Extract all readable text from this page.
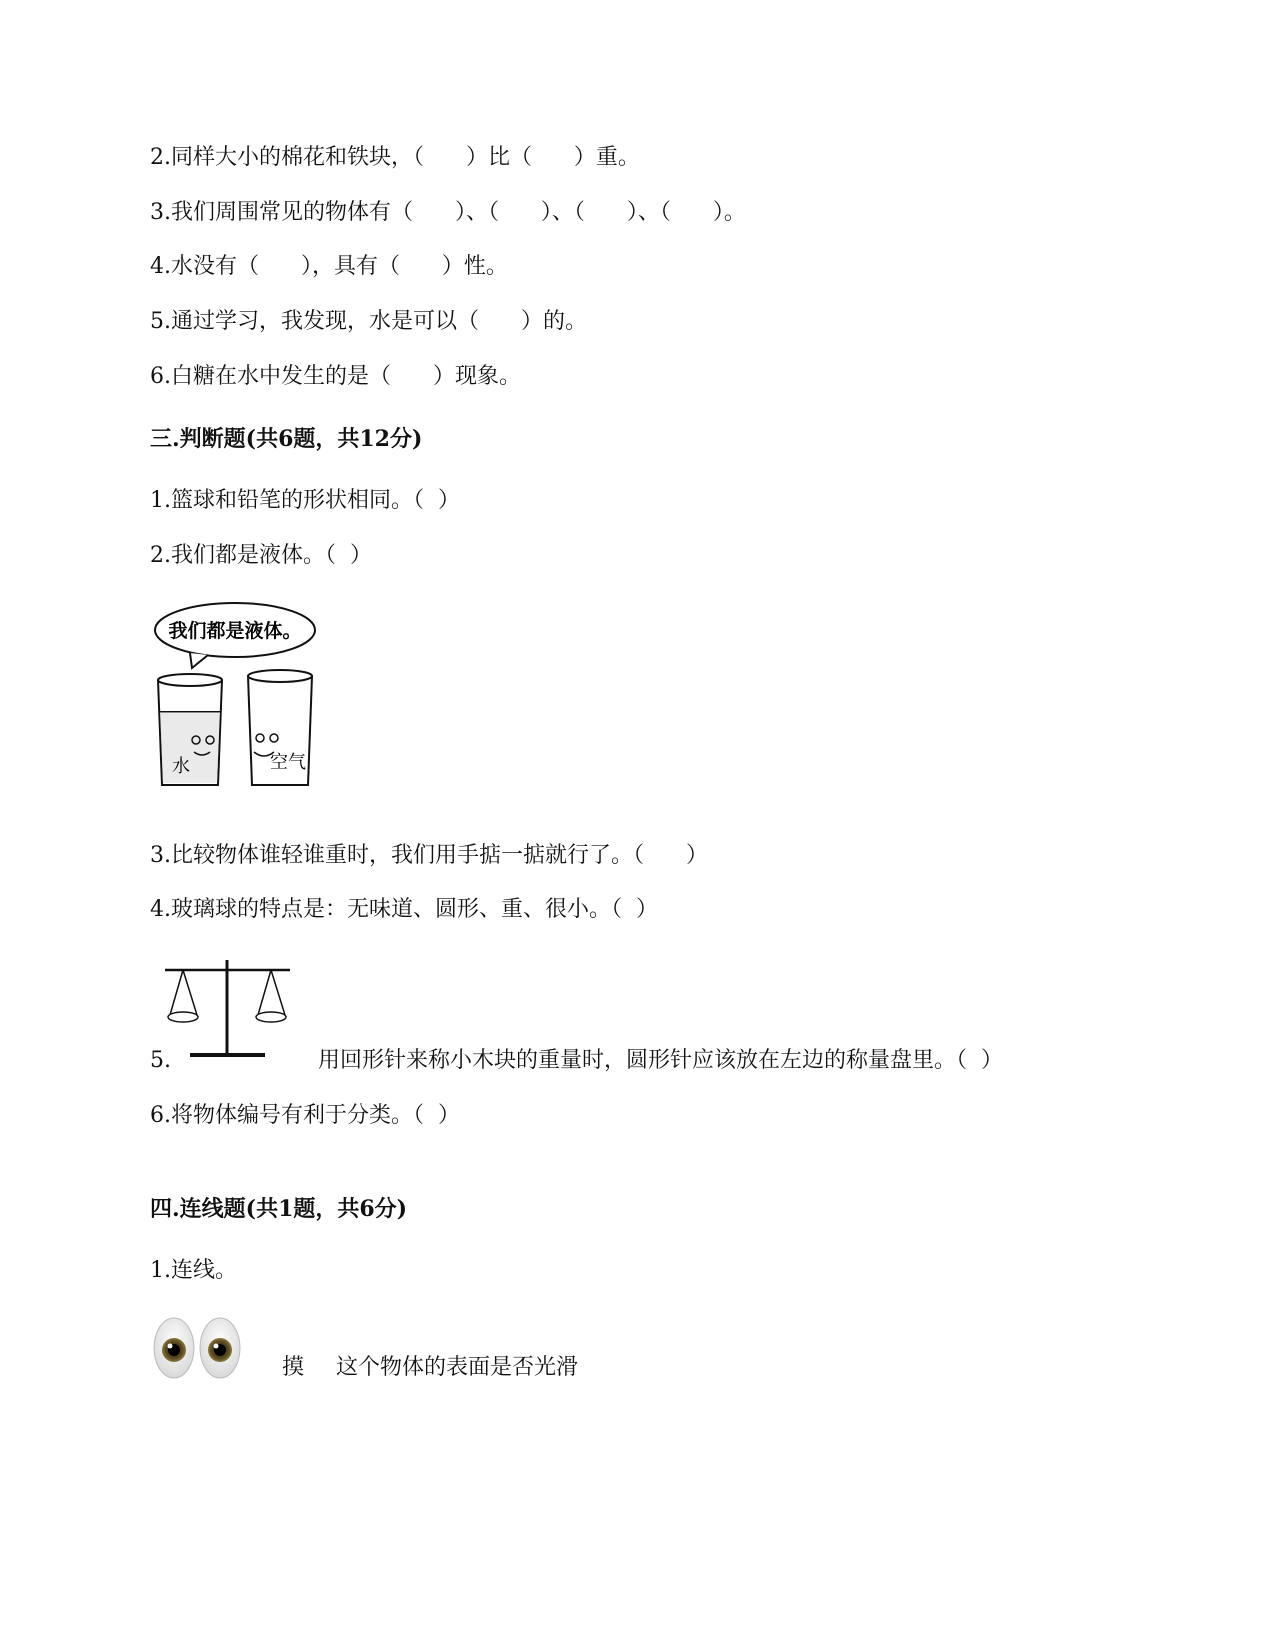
2.同样大小的棉花和铁块，（      ）比（      ）重。
3.我们周围常见的物体有（      ）、（      ）、（      ）、（      ）。
4.水没有（      ），具有（      ）性。
5.通过学习，我发现，水是可以（      ）的。
6.白糖在水中发生的是（      ）现象。
三.判断题(共6题，共12分)
1.篮球和铅笔的形状相同。（  ）
2.我们都是液体。（  ）
我们都是液体。
水	空气
3.比较物体谁轻谁重时，我们用手掂一掂就行了。（      ）
4.玻璃球的特点是：无味道、圆形、重、很小。（  ）
5.	用回形针来称小木块的重量时，圆形针应该放在左边的称量盘里。（  ）
6.将物体编号有利于分类。（  ）
四.连线题(共1题，共6分)
1.连线。
摸 这个物体的表面是否光滑
